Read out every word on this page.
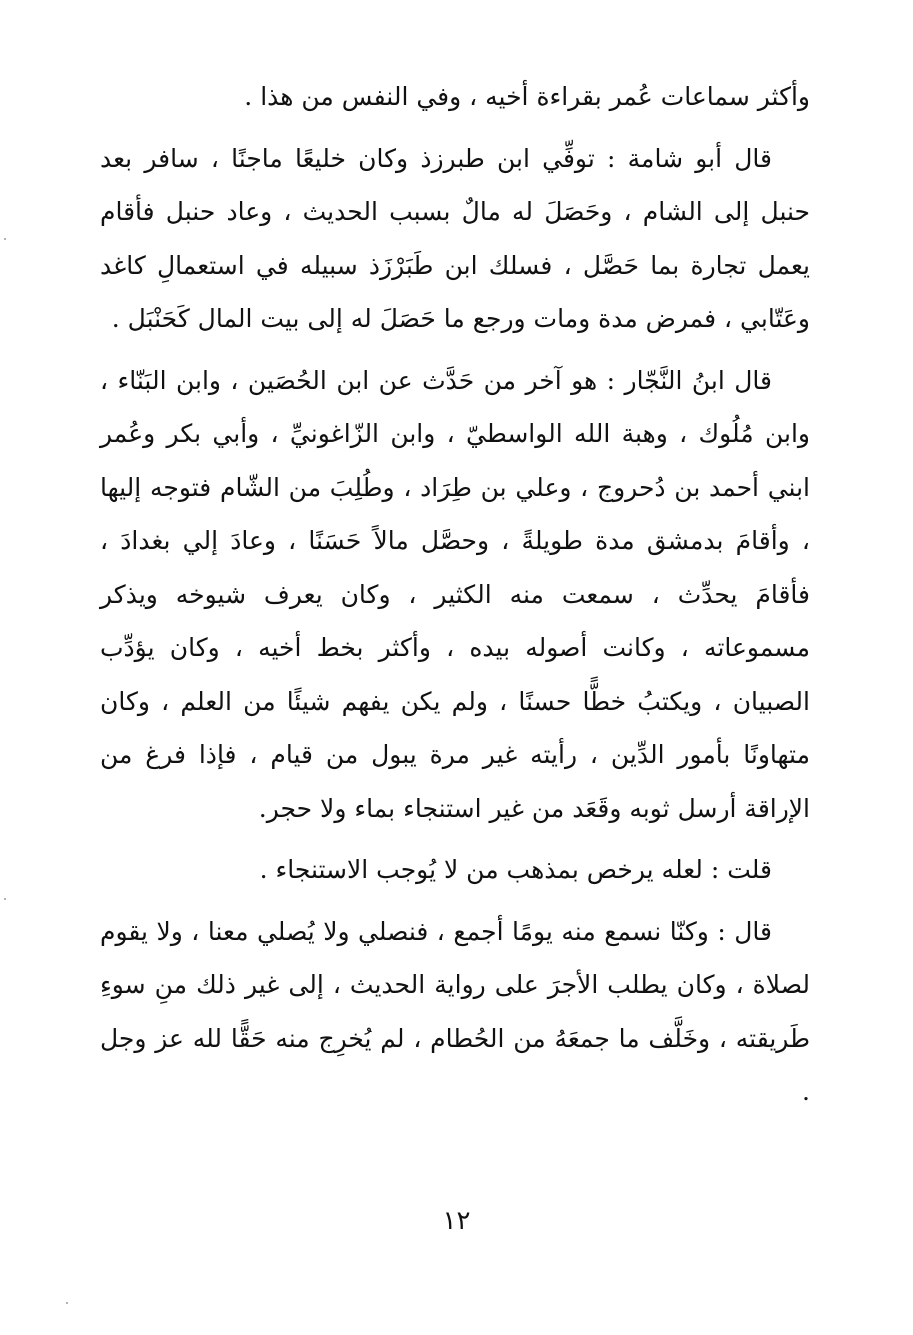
وأكثر سماعات عُمر بقراءة أخيه ، وفي النفس من هذا .

قال أبو شامة : توفِّي ابن طبرزذ وكان خليعًا ماجنًا ، سافر بعد حنبل إلى الشام ، وحَصَلَ له مالٌ بسبب الحديث ، وعاد حنبل فأقام يعمل تجارة بما حَصَّل ، فسلك ابن طَبَرْزَذ سبيله في استعمالِ كاغد وعَتّابي ، فمرض مدة ومات ورجع ما حَصَلَ له إلى بيت المال كَحَنْبَل .

قال ابنُ النَّجّار : هو آخر من حَدَّث عن ابن الحُصَين ، وابن البَنّاء ، وابن مُلُوك ، وهبة الله الواسطيّ ، وابن الزّاغونيِّ ، وأبي بكر وعُمر ابني أحمد بن دُحروج ، وعلي بن طِرَاد ، وطُلِبَ من الشّام فتوجه إليها ، وأقامَ بدمشق مدة طويلةً ، وحصَّل مالاً حَسَنًا ، وعادَ إلي بغدادَ ، فأقامَ يحدِّث ، سمعت منه الكثير ، وكان يعرف شيوخه ويذكر مسموعاته ، وكانت أصوله بيده ، وأكثر بخط أخيه ، وكان يؤدِّب الصبيان ، ويكتبُ خطًّا حسنًا ، ولم يكن يفهم شيئًا من العلم ، وكان متهاونًا بأمور الدِّين ، رأيته غير مرة يبول من قيام ، فإذا فرغ من الإراقة أرسل ثوبه وقَعَد من غير استنجاء بماء ولا حجر.

قلت : لعله يرخص بمذهب من لا يُوجب الاستنجاء .

قال : وكنّا نسمع منه يومًا أجمع ، فنصلي ولا يُصلي معنا ، ولا يقوم لصلاة ، وكان يطلب الأجرَ على رواية الحديث ، إلى غير ذلك منِ سوءِ طَريقته ، وخَلَّف ما جمعَهُ من الحُطام ، لم يُخرِج منه حَقًّا لله عز وجل .

١٢
